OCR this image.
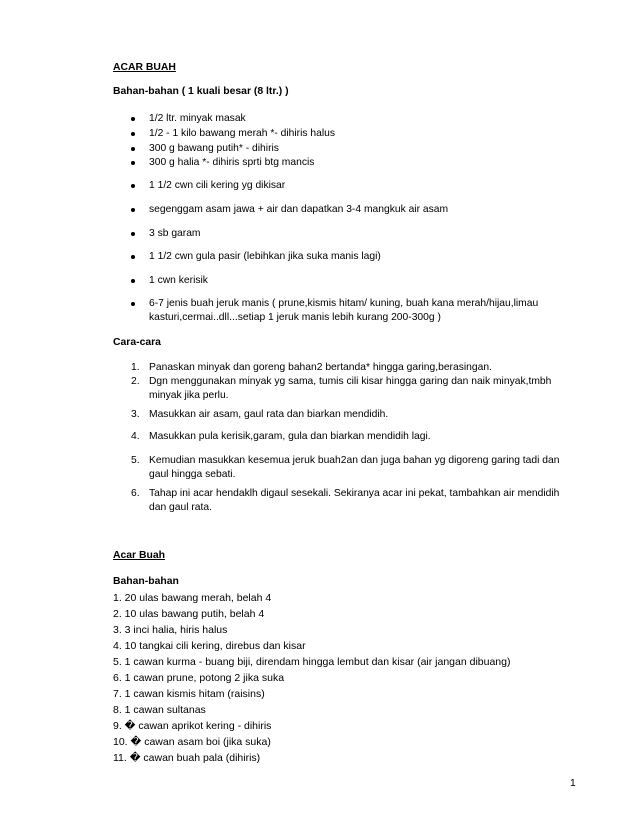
ACAR BUAH
Bahan-bahan ( 1 kuali besar (8 ltr.) )
1/2 ltr. minyak masak
1/2 - 1 kilo bawang merah *- dihiris halus
300 g bawang putih* - dihiris
300 g halia *- dihiris sprti btg mancis
1 1/2 cwn cili kering yg dikisar
segenggam asam jawa + air dan dapatkan 3-4 mangkuk air asam
3 sb garam
1 1/2 cwn gula pasir (lebihkan jika suka manis lagi)
1 cwn kerisik
6-7 jenis buah jeruk manis ( prune,kismis hitam/ kuning, buah kana merah/hijau,limau
kasturi,cermai..dll...setiap 1 jeruk manis lebih kurang 200-300g )
Cara-cara
1. Panaskan minyak dan goreng bahan2 bertanda* hingga garing,berasingan.
2. Dgn menggunakan minyak yg sama, tumis cili kisar hingga garing dan naik minyak,tmbh
minyak jika perlu.
3. Masukkan air asam, gaul rata dan biarkan mendidih.
4. Masukkan pula kerisik,garam, gula dan biarkan mendidih lagi.
5. Kemudian masukkan kesemua jeruk buah2an dan juga bahan yg digoreng garing tadi dan
gaul hingga sebati.
6. Tahap ini acar hendaklh digaul sesekali. Sekiranya acar ini pekat, tambahkan air mendidih
dan gaul rata.
Acar Buah
Bahan-bahan
1. 20 ulas bawang merah, belah 4
2. 10 ulas bawang putih, belah 4
3. 3 inci halia, hiris halus
4. 10 tangkai cili kering, direbus dan kisar
5. 1 cawan kurma - buang biji, direndam hingga lembut dan kisar (air jangan dibuang)
6. 1 cawan prune, potong 2 jika suka
7. 1 cawan kismis hitam (raisins)
8. 1 cawan sultanas
9. � cawan aprikot kering - dihiris
10. � cawan asam boi (jika suka)
11. � cawan buah pala (dihiris)
1
